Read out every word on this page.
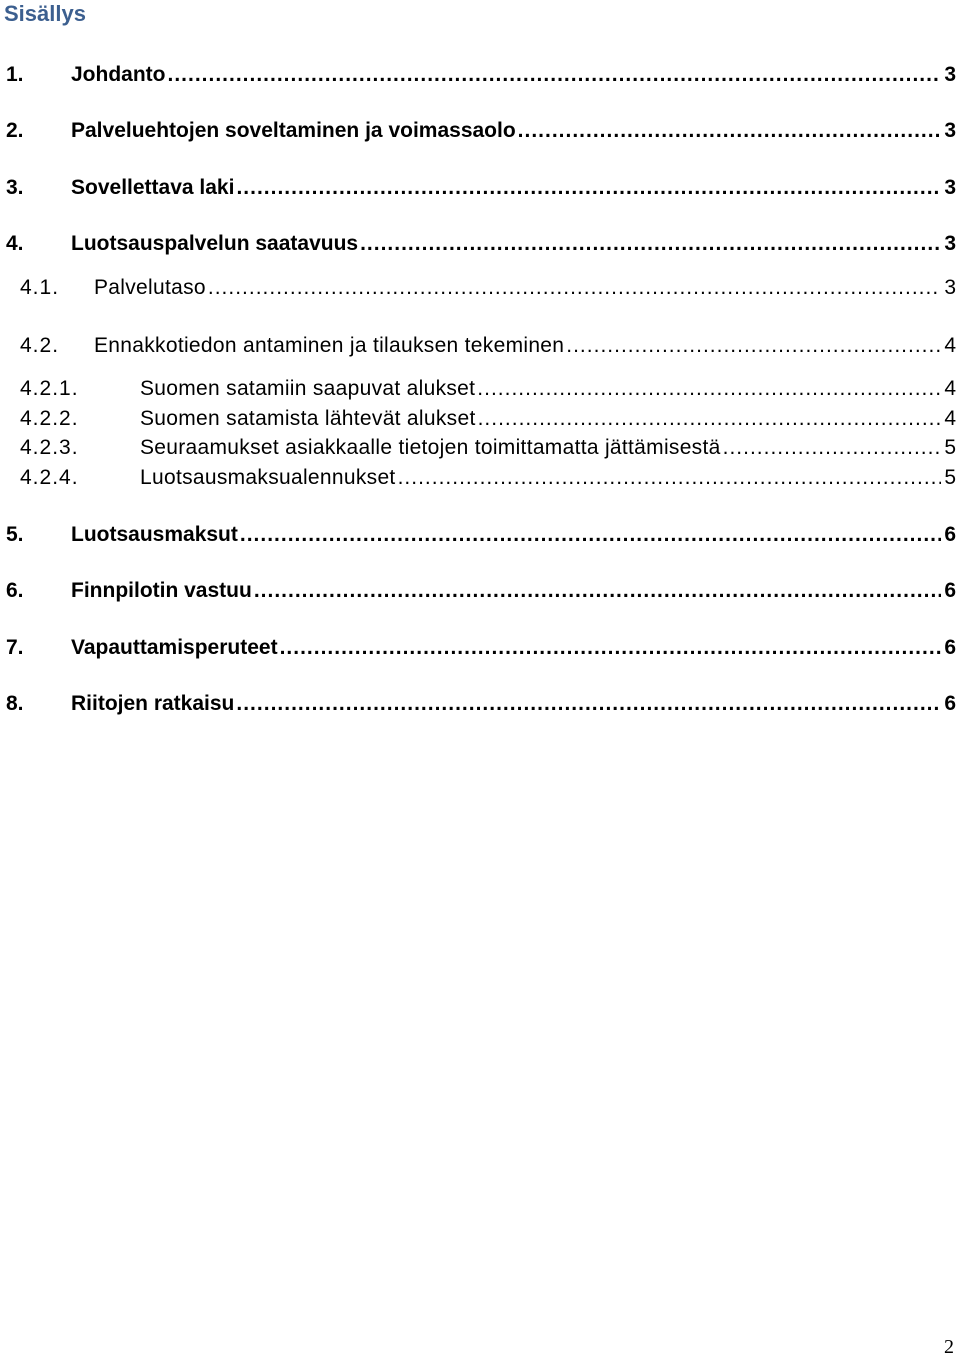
Sisällys
1.	Johdanto .....	3
2.	Palveluehtojen soveltaminen ja voimassaolo .....	3
3.	Sovellettava laki .....	3
4.	Luotsauspalvelun saatavuus .....	3
4.1.	Palvelutaso .....	3
4.2.	Ennakkotiedon antaminen ja tilauksen tekeminen .....	4
4.2.1.	Suomen satamiin saapuvat alukset .....	4
4.2.2.	Suomen satamista lähtevät alukset .....	4
4.2.3.	Seuraamukset asiakkaalle tietojen toimittamatta jättämisestä .....	5
4.2.4.	Luotsausmaksualennukset .....	5
5.	Luotsausmaksut .....	6
6.	Finnpilotin vastuu .....	6
7.	Vapauttamisperuteet .....	6
8.	Riitojen ratkaisu .....	6
2
